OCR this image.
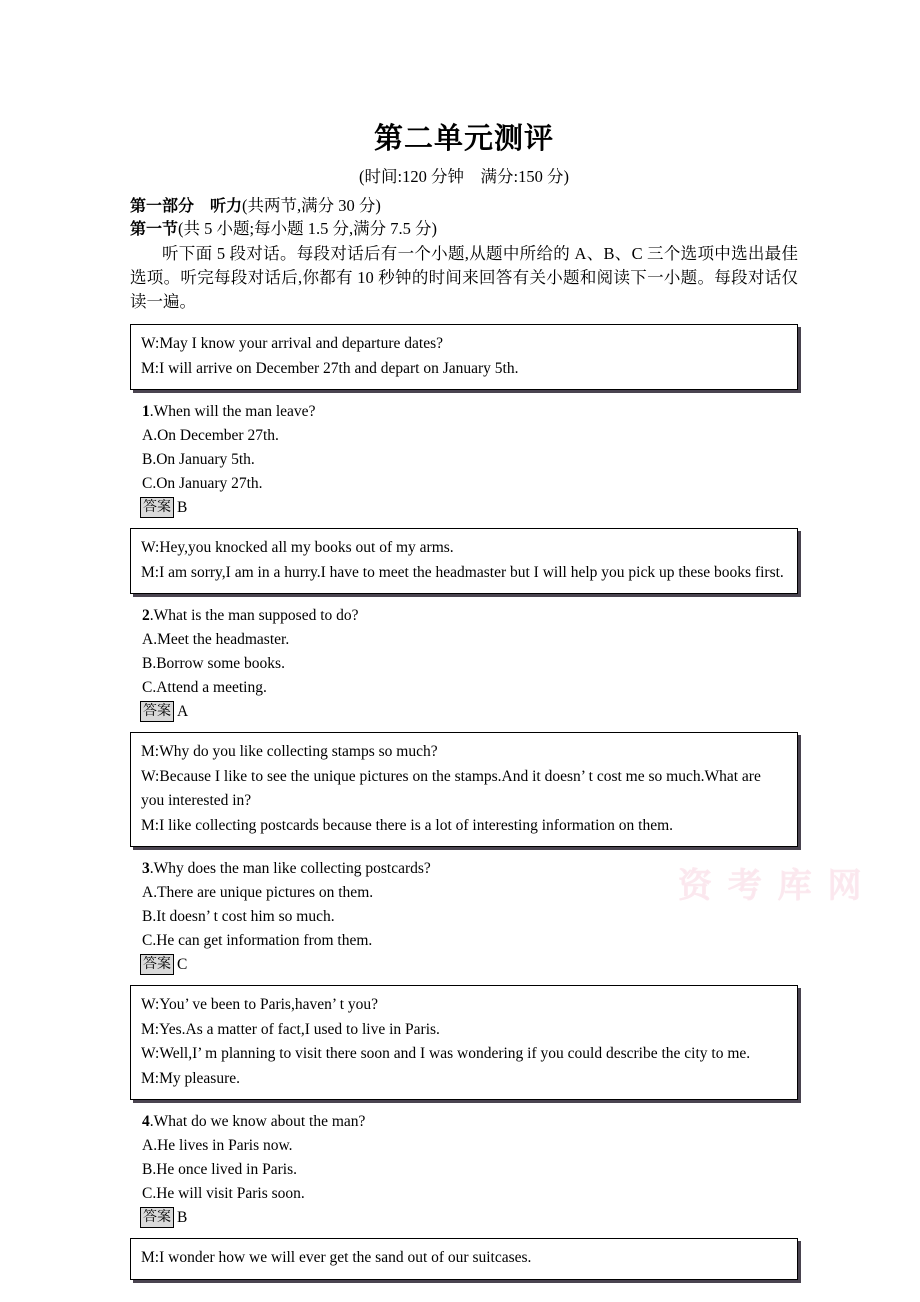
资 考 库 网
第二单元测评

(时间:120 分钟    满分:150 分)

第一部分　 听力(共两节,满分 30 分)

第一节(共 5 小题;每小题 1.5 分,满分 7.5 分)

听下面 5 段对话。每段对话后有一个小题,从题中所给的 A、B、C 三个选项中选出最佳选项。听完每段对话后,你都有 10 秒钟的时间来回答有关小题和阅读下一小题。每段对话仅读一遍。

W:May I know your arrival and departure dates?

M:I will arrive on December 27th and depart on January 5th.

1.When will the man leave?

A.On December 27th.

B.On January 5th.

C.On January 27th.

答案 B

W:Hey,you knocked all my books out of my arms.

M:I am sorry,I am in a hurry.I have to meet the headmaster but I will help you pick up these books first.

2.What is the man supposed to do?

A.Meet the headmaster.

B.Borrow some books.

C.Attend a meeting.

答案 A

M:Why do you like collecting stamps so much?

W:Because I like to see the unique pictures on the stamps.And it doesn’ t cost me so much.What are you interested in?

M:I like collecting postcards because there is a lot of interesting information on them.

3.Why does the man like collecting postcards?

A.There are unique pictures on them.

B.It doesn’ t cost him so much.

C.He can get information from them.

答案 C

W:You’ ve been to Paris,haven’ t you?

M:Yes.As a matter of fact,I used to live in Paris.

W:Well,I’ m planning to visit there soon and I was wondering if you could describe the city to me.

M:My pleasure.

4.What do we know about the man?

A.He lives in Paris now.

B.He once lived in Paris.

C.He will visit Paris soon.

答案 B

M:I wonder how we will ever get the sand out of our suitcases.
